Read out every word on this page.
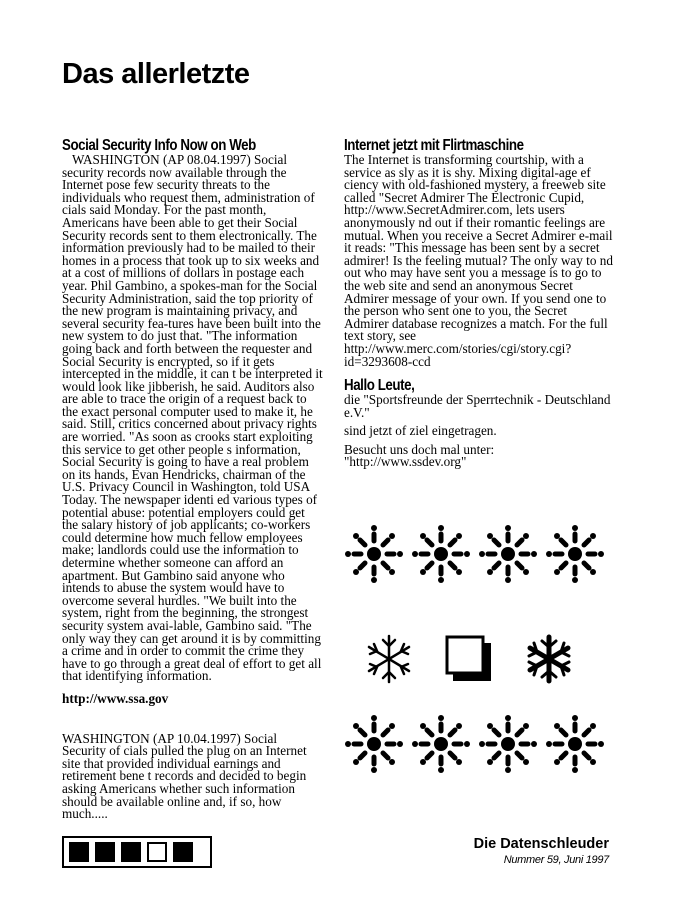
Das allerletzte
Social Security Info Now on Web

WASHINGTON (AP 08.04.1997) Social security records now available through the Internet pose few security threats to the individuals who request them, administration of cials said Monday. For the past month, Americans have been able to get their Social Security records sent to them electronically. The information previously had to be mailed to their homes in a process that took up to six weeks and at a cost of millions of dollars in postage each year. Phil Gambino, a spokes-man for the Social Security Administration, said the top priority of the new program is maintaining privacy, and several security fea-tures have been built into the new system to do just that. "The information going back and forth between the requester and Social Security is encrypted, so if it gets intercepted in the middle, it can t be interpreted it would look like jibberish, he said. Auditors also are able to trace the origin of a request back to the exact personal computer used to make it, he said. Still, critics concerned about privacy rights are worried. "As soon as crooks start exploiting this service to get other people s information, Social Security is going to have a real problem on its hands, Evan Hendricks, chairman of the U.S. Privacy Council in Washington, told USA Today. The newspaper identi ed various types of potential abuse: potential employers could get the salary history of job applicants; co-workers could determine how much fellow employees make; landlords could use the information to determine whether someone can afford an apartment. But Gambino said anyone who intends to abuse the system would have to overcome several hurdles. "We built into the system, right from the beginning, the strongest security system avai-lable, Gambino said. "The only way they can get around it is by committing a crime and in order to commit the crime they have to go through a great deal of effort to get all that identifying information.

http://www.ssa.gov

WASHINGTON (AP 10.04.1997) Social Security of cials pulled the plug on an Internet site that provided individual earnings and retirement bene t records and decided to begin asking Americans whether such information should be available online and, if so, how much.....

Internet jetzt mit Flirtmaschine

The Internet is transforming courtship, with a service as sly as it is shy. Mixing digital-age ef ciency with old-fashioned mystery, a freeweb site called "Secret Admirer The Electronic Cupid, http://www.SecretAdmirer.com, lets users anonymously nd out if their romantic feelings are mutual. When you receive a Secret Admirer e-mail it reads: "This message has been sent by a secret admirer! Is the feeling mutual? The only way to nd out who may have sent you a message is to go to the web site and send an anonymous Secret Admirer message of your own. If you send one to the person who sent one to you, the Secret Admirer database recognizes a match. For the full text story, see http://www.merc.com/stories/cgi/story.cgi?id=3293608-ccd

Hallo Leute,

die "Sportsfreunde der Sperrtechnik - Deutschland e.V."

sind jetzt of ziel eingetragen.

Besucht uns doch mal unter: "http://www.ssdev.org"

Die Datenschleuder
Nummer 59, Juni 1997
